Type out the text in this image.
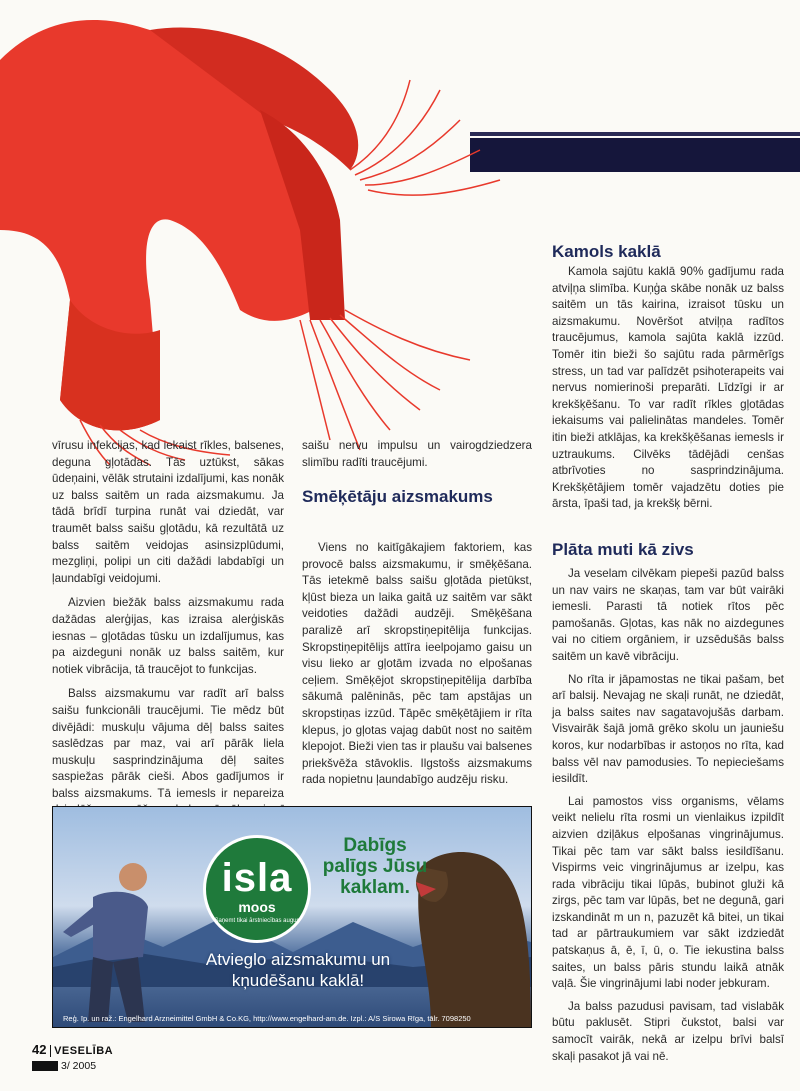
vīrusu infekcijas, kad iekaist rīkles, balsenes, deguna gļotādas. Tās uztūkst, sākas ūdeņaini, vēlāk strutaini izdalījumi, kas nonāk uz balss saitēm un rada aizsmakumu. Ja tādā brīdī turpina runāt vai dziedāt, var traumēt balss saišu gļotādu, kā rezultātā uz balss saitēm veidojas asinsizplūdumi, mezgliņi, polipi un citi dažādi labdabīgi un ļaundabīgi veidojumi.

Aizvien biežāk balss aizsmakumu rada dažādas alerģijas, kas izraisa alerģiskās iesnas – gļotādas tūsku un izdalījumus, kas pa aizdeguni nonāk uz balss saitēm, kur notiek vibrācija, tā traucējot to funkcijas.

Balss aizsmakumu var radīt arī balss saišu funkcionāli traucējumi. Tie mēdz būt divējādi: muskuļu vājuma dēļ balss saites saslēdzas par maz, vai arī pārāk liela muskuļu sasprindzinājuma dēļ saites saspiežas pārāk cieši. Abos gadījumos ir balss aizsmakums. Tā iemesls ir nepareiza

saišu nervu impulsu un vairogdziedzera slimību radīti traucējumi.

Smēķētāju aizsmakums

Viens no kaitīgākajiem faktoriem, kas provocē balss aizsmakumu, ir smēķēšana. Tās ietekmē balss saišu gļotāda pietūkst, kļūst bieza un laika gaitā uz saitēm var sākt veidoties dažādi audzēji. Smēķēšana paralizē arī skropstiņepitēlija funkcijas. Skropstiņepitēlijs attīra ieelpojamo gaisu un visu lieko ar gļotām izvada no elpošanas ceļiem. Smēķējot skropstiņepitēlija darbība sākumā palēninās, pēc tam apstājas un skropstiņas izzūd. Tāpēc smēķētājiem ir rīta klepus, jo gļotas vajag dabūt nost no saitēm klepojot. Bieži vien tas ir plaušu vai balsenes priekšvēža stāvoklis. Ilgstošs aizsmakums rada nopietnu ļaundabīgo audzēju risku.

Kamols kaklā

Kamola sajūtu kaklā 90% gadījumu rada atviļņa slimība. Kuņģa skābe nonāk uz balss saitēm un tās kairina, izraisot tūsku un aizsmakumu. Novēršot atviļņa radītos traucējumus, kamola sajūta kaklā izzūd. Tomēr itin bieži šo sajūtu rada pārmērīgs stress, un tad var palīdzēt psihoterapeits vai nervus nomierinoši preparāti. Līdzīgi ir ar krekšķēšanu. To var radīt rīkles gļotādas iekaisums vai palielinātas mandeles. Tomēr itin bieži atklājas, ka krekšķēšanas iemesls ir uztraukums. Cilvēks tādējādi cenšas atbrīvoties no sasprindzinājuma. Krekšķētājiem tomēr vajadzētu doties pie ārsta, īpaši tad, ja krekšķ bērni.

Plāta muti kā zivs

Ja veselam cilvēkam piepeši pazūd balss un nav vairs ne skaņas, tam var būt vairāki iemesli. Parasti tā notiek rītos pēc pamošanās. Gļotas, kas nāk no aizdegunes vai no citiem orgāniem, ir uzsēdušās balss saitēm un kavē vibrāciju.

No rīta ir jāpamostas ne tikai pašam, bet arī balsij. Nevajag ne skaļi runāt, ne dziedāt, ja balss saites nav sagatavojušās darbam. Visvairāk šajā jomā grēko skolu un jauniešu koros, kur nodarbības ir astoņos no rīta, kad balss vēl nav pamodusies. To nepieciešams iesildīt.

Lai pamostos viss organisms, vēlams veikt nelielu rīta rosmi un vienlaikus izpildīt aizvien dziļākus elpošanas vingrinājumus. Tikai pēc tam var sākt balss iesildīšanu. Vispirms veic vingrinājumus ar izelpu, kas rada vibrāciju tikai lūpās, bubinot gluži kā zirgs, pēc tam var lūpās, bet ne degunā, gari izskandināt m un n, pazuzēt kā bitei, un tikai tad ar pārtraukumiem var sākt izdziedāt patskaņus ā, ē, ī, ū, o. Tie iekustina balss saites, un balss pāris stundu laikā atnāk vaļā. Šie vingrinājumi labi noder jebkuram.

Ja balss pazudusi pavisam, tad vislabāk būtu paklusēt. Stipri čukstot, balsi var samocīt vairāk, nekā ar izelpu brīvi balsī skaļi pasakot jā vai nē.

isla
moos
Saņemt tikai ārstniecības augus
Dabīgs palīgs Jūsu kaklam.
Atvieglo aizsmakumu un kņudēšanu kaklā!
Reģ. īp. un raž.: Engelhard Arzneimittel GmbH & Co.KG, http://www.engelhard-am.de. Izpl.: A/S Sirowa Rīga, tālr. 7098250
42 VESELĪBA
3/ 2005
